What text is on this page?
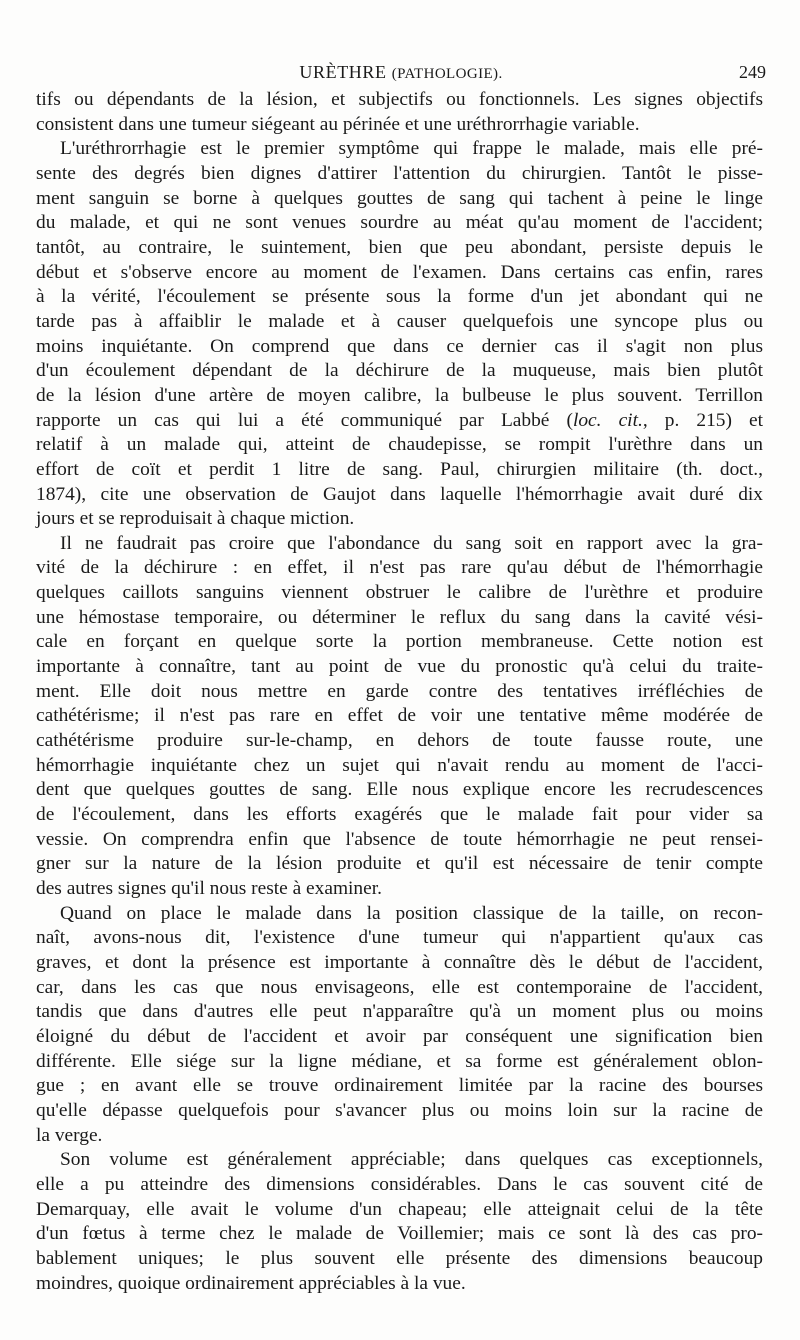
URÈTHRE (PATHOLOGIE).	249

tifs ou dépendants de la lésion, et subjectifs ou fonctionnels. Les signes objectifs
consistent dans une tumeur siégeant au périnée et une uréthrorrhagie variable.

L'uréthrorrhagie est le premier symptôme qui frappe le malade, mais elle pré-
sente des degrés bien dignes d'attirer l'attention du chirurgien. Tantôt le pisse-
ment sanguin se borne à quelques gouttes de sang qui tachent à peine le linge
du malade, et qui ne sont venues sourdre au méat qu'au moment de l'accident;
tantôt, au contraire, le suintement, bien que peu abondant, persiste depuis le
début et s'observe encore au moment de l'examen. Dans certains cas enfin, rares
à la vérité, l'écoulement se présente sous la forme d'un jet abondant qui ne
tarde pas à affaiblir le malade et à causer quelquefois une syncope plus ou
moins inquiétante. On comprend que dans ce dernier cas il s'agit non plus
d'un écoulement dépendant de la déchirure de la muqueuse, mais bien plutôt
de la lésion d'une artère de moyen calibre, la bulbeuse le plus souvent. Terrillon
rapporte un cas qui lui a été communiqué par Labbé (loc. cit., p. 215) et
relatif à un malade qui, atteint de chaudepisse, se rompit l'urèthre dans un
effort de coït et perdit 1 litre de sang. Paul, chirurgien militaire (th. doct.,
1874), cite une observation de Gaujot dans laquelle l'hémorrhagie avait duré dix
jours et se reproduisait à chaque miction.

Il ne faudrait pas croire que l'abondance du sang soit en rapport avec la gra-
vité de la déchirure : en effet, il n'est pas rare qu'au début de l'hémorrhagie
quelques caillots sanguins viennent obstruer le calibre de l'urèthre et produire
une hémostase temporaire, ou déterminer le reflux du sang dans la cavité vési-
cale en forçant en quelque sorte la portion membraneuse. Cette notion est
importante à connaître, tant au point de vue du pronostic qu'à celui du traite-
ment. Elle doit nous mettre en garde contre des tentatives irréfléchies de
cathétérisme; il n'est pas rare en effet de voir une tentative même modérée de
cathétérisme produire sur-le-champ, en dehors de toute fausse route, une
hémorrhagie inquiétante chez un sujet qui n'avait rendu au moment de l'acci-
dent que quelques gouttes de sang. Elle nous explique encore les recrudescences
de l'écoulement, dans les efforts exagérés que le malade fait pour vider sa
vessie. On comprendra enfin que l'absence de toute hémorrhagie ne peut rensei-
gner sur la nature de la lésion produite et qu'il est nécessaire de tenir compte
des autres signes qu'il nous reste à examiner.

Quand on place le malade dans la position classique de la taille, on recon-
naît, avons-nous dit, l'existence d'une tumeur qui n'appartient qu'aux cas
graves, et dont la présence est importante à connaître dès le début de l'accident,
car, dans les cas que nous envisageons, elle est contemporaine de l'accident,
tandis que dans d'autres elle peut n'apparaître qu'à un moment plus ou moins
éloigné du début de l'accident et avoir par conséquent une signification bien
différente. Elle siége sur la ligne médiane, et sa forme est généralement oblon-
gue ; en avant elle se trouve ordinairement limitée par la racine des bourses
qu'elle dépasse quelquefois pour s'avancer plus ou moins loin sur la racine de
la verge.

Son volume est généralement appréciable; dans quelques cas exceptionnels,
elle a pu atteindre des dimensions considérables. Dans le cas souvent cité de
Demarquay, elle avait le volume d'un chapeau; elle atteignait celui de la tête
d'un fœtus à terme chez le malade de Voillemier; mais ce sont là des cas pro-
bablement uniques; le plus souvent elle présente des dimensions beaucoup
moindres, quoique ordinairement appréciables à la vue.
